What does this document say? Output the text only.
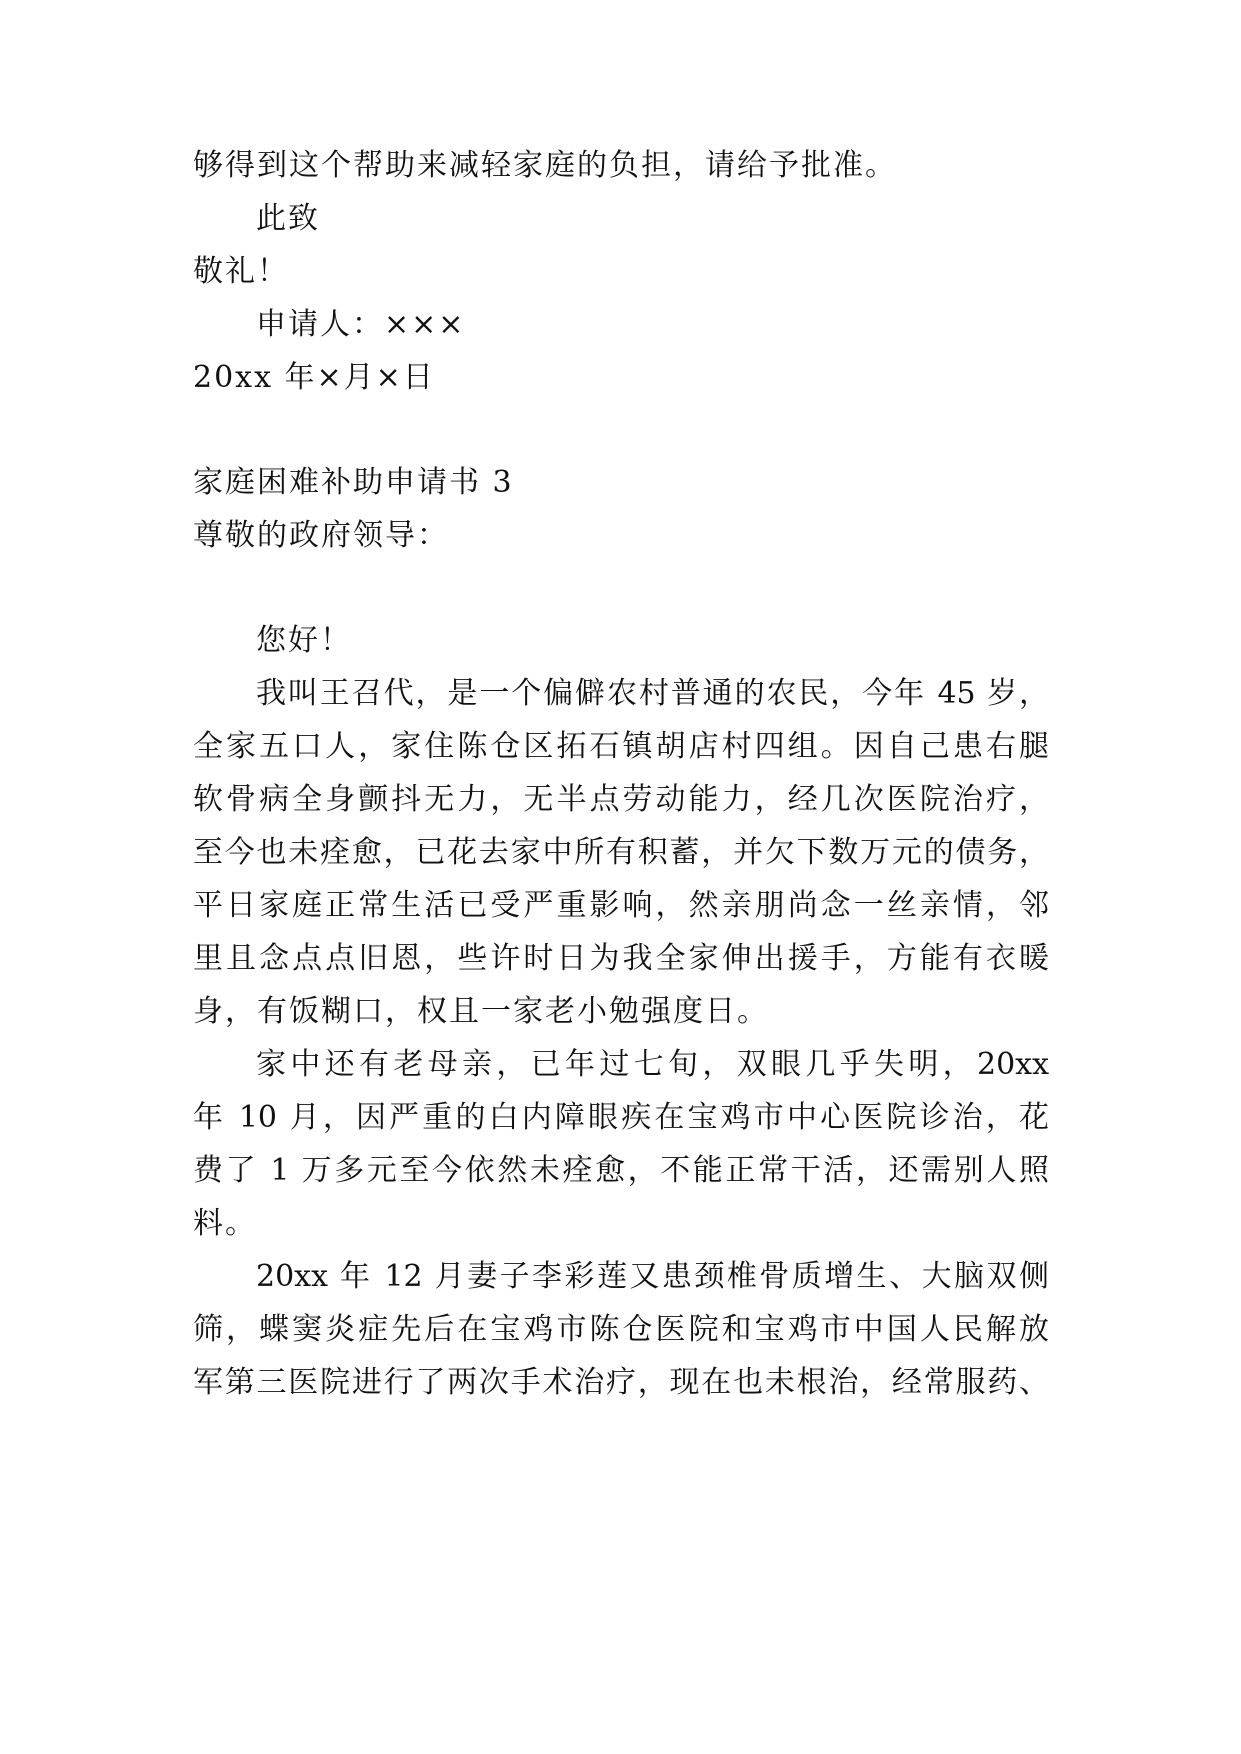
够得到这个帮助来减轻家庭的负担，请给予批准。

此致

敬礼！

申请人：×××

20xx 年×月×日

家庭困难补助申请书 3

尊敬的政府领导：

您好！

我叫王召代，是一个偏僻农村普通的农民，今年 45 岁，

全家五口人，家住陈仓区拓石镇胡店村四组。因自己患右腿

软骨病全身颤抖无力，无半点劳动能力，经几次医院治疗，

至今也未痊愈，已花去家中所有积蓄，并欠下数万元的债务，

平日家庭正常生活已受严重影响，然亲朋尚念一丝亲情，邻

里且念点点旧恩，些许时日为我全家伸出援手，方能有衣暖

身，有饭糊口，权且一家老小勉强度日。

家中还有老母亲，已年过七旬，双眼几乎失明，20xx

年 10 月，因严重的白内障眼疾在宝鸡市中心医院诊治，花

费了 1 万多元至今依然未痊愈，不能正常干活，还需别人照

料。

20xx 年 12 月妻子李彩莲又患颈椎骨质增生、大脑双侧

筛，蝶窦炎症先后在宝鸡市陈仓医院和宝鸡市中国人民解放

军第三医院进行了两次手术治疗，现在也未根治，经常服药、
